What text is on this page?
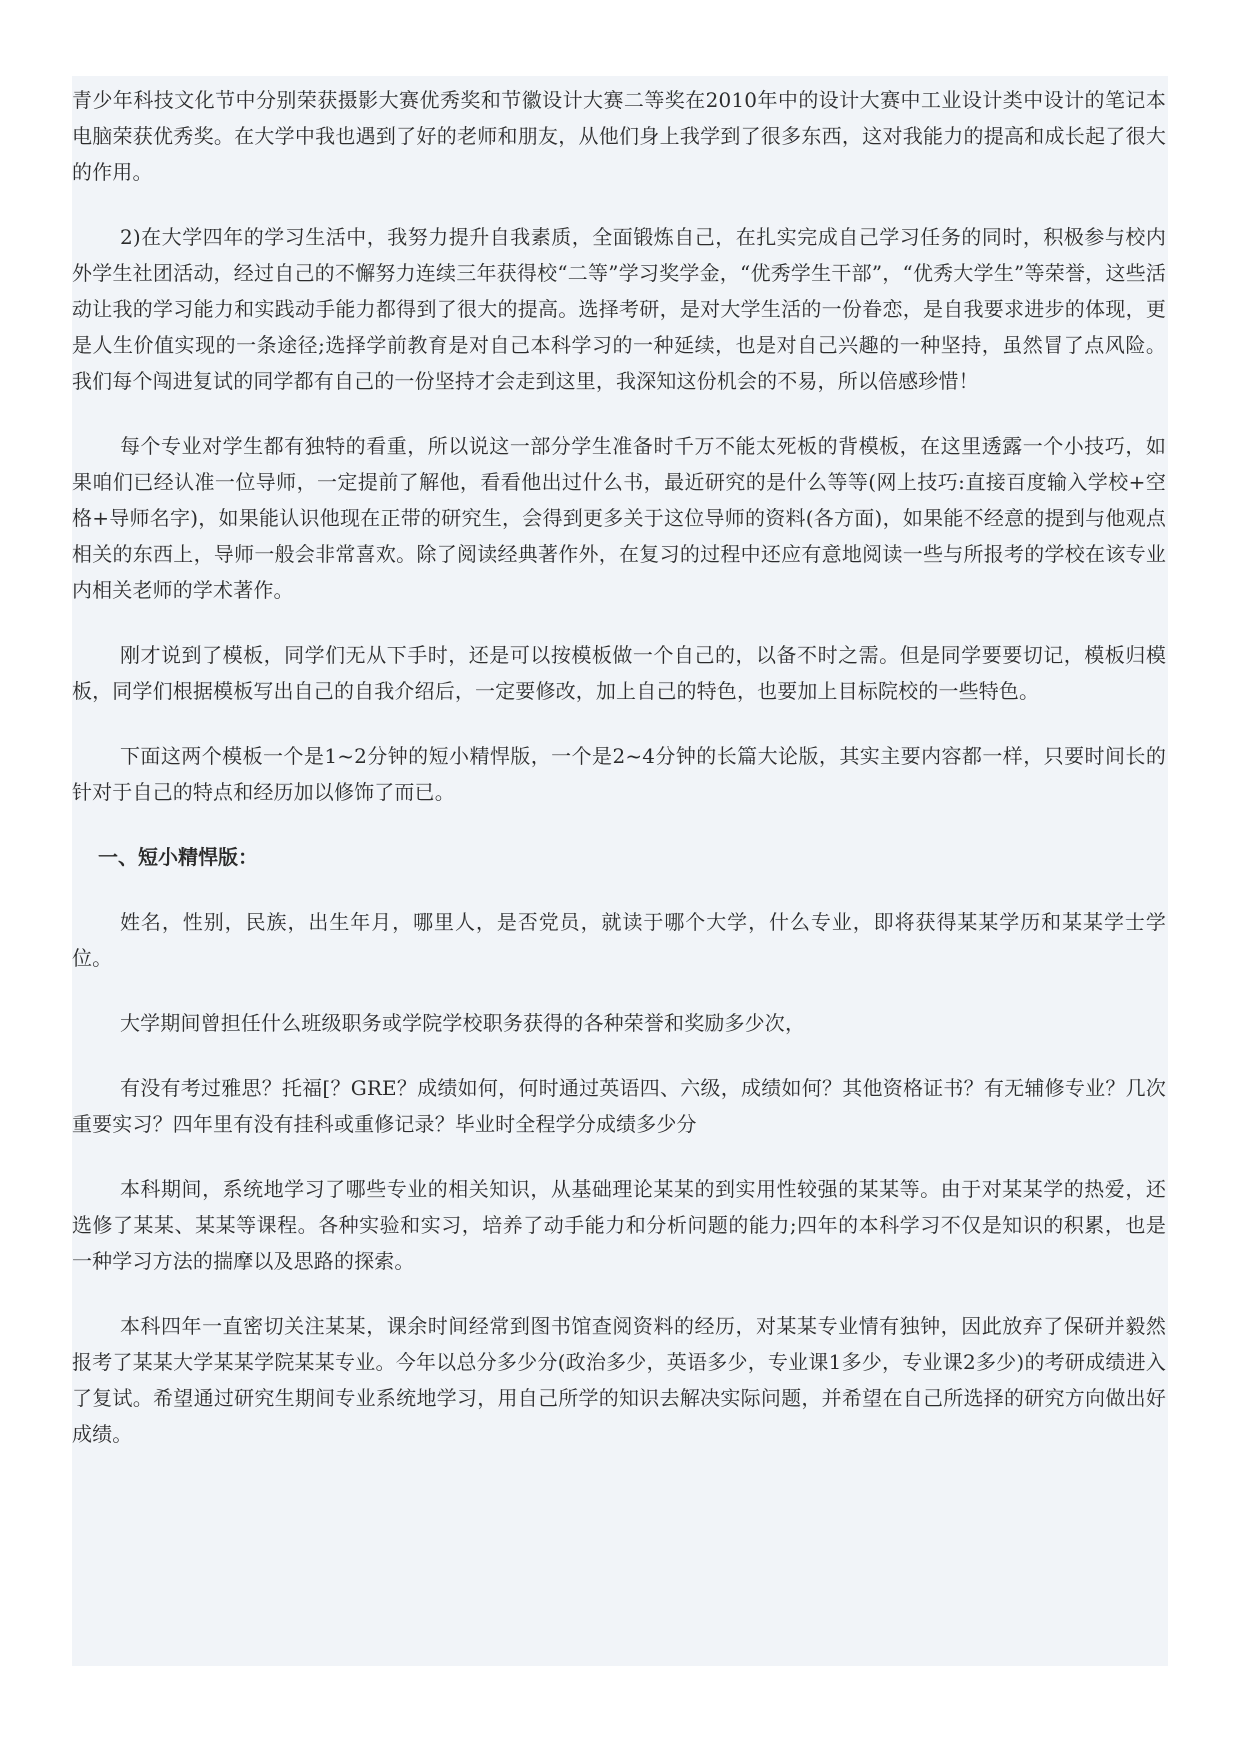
青少年科技文化节中分别荣获摄影大赛优秀奖和节徽设计大赛二等奖在2010年中的设计大赛中工业设计类中设计的笔记本电脑荣获优秀奖。在大学中我也遇到了好的老师和朋友，从他们身上我学到了很多东西，这对我能力的提高和成长起了很大的作用。

2)在大学四年的学习生活中，我努力提升自我素质，全面锻炼自己，在扎实完成自己学习任务的同时，积极参与校内外学生社团活动，经过自己的不懈努力连续三年获得校“二等”学习奖学金，“优秀学生干部”，“优秀大学生”等荣誉，这些活动让我的学习能力和实践动手能力都得到了很大的提高。选择考研，是对大学生活的一份眷恋，是自我要求进步的体现，更是人生价值实现的一条途径;选择学前教育是对自己本科学习的一种延续，也是对自己兴趣的一种坚持，虽然冒了点风险。我们每个闯进复试的同学都有自己的一份坚持才会走到这里，我深知这份机会的不易，所以倍感珍惜！

每个专业对学生都有独特的看重，所以说这一部分学生准备时千万不能太死板的背模板，在这里透露一个小技巧，如果咱们已经认准一位导师，一定提前了解他，看看他出过什么书，最近研究的是什么等等(网上技巧:直接百度输入学校+空格+导师名字)，如果能认识他现在正带的研究生，会得到更多关于这位导师的资料(各方面)，如果能不经意的提到与他观点相关的东西上，导师一般会非常喜欢。除了阅读经典著作外，在复习的过程中还应有意地阅读一些与所报考的学校在该专业内相关老师的学术著作。

刚才说到了模板，同学们无从下手时，还是可以按模板做一个自己的，以备不时之需。但是同学要要切记，模板归模板，同学们根据模板写出自己的自我介绍后，一定要修改，加上自己的特色，也要加上目标院校的一些特色。

下面这两个模板一个是1~2分钟的短小精悍版，一个是2~4分钟的长篇大论版，其实主要内容都一样，只要时间长的针对于自己的特点和经历加以修饰了而已。

一、短小精悍版：

姓名，性别，民族，出生年月，哪里人，是否党员，就读于哪个大学，什么专业，即将获得某某学历和某某学士学位。

大学期间曾担任什么班级职务或学院学校职务获得的各种荣誉和奖励多少次，

有没有考过雅思？托福[？GRE？成绩如何，何时通过英语四、六级，成绩如何？其他资格证书？有无辅修专业？几次重要实习？四年里有没有挂科或重修记录？毕业时全程学分成绩多少分

本科期间，系统地学习了哪些专业的相关知识，从基础理论某某的到实用性较强的某某等。由于对某某学的热爱，还选修了某某、某某等课程。各种实验和实习，培养了动手能力和分析问题的能力;四年的本科学习不仅是知识的积累，也是一种学习方法的揣摩以及思路的探索。

本科四年一直密切关注某某，课余时间经常到图书馆查阅资料的经历，对某某专业情有独钟，因此放弃了保研并毅然报考了某某大学某某学院某某专业。今年以总分多少分(政治多少，英语多少，专业课1多少，专业课2多少)的考研成绩进入了复试。希望通过研究生期间专业系统地学习，用自己所学的知识去解决实际问题，并希望在自己所选择的研究方向做出好成绩。
